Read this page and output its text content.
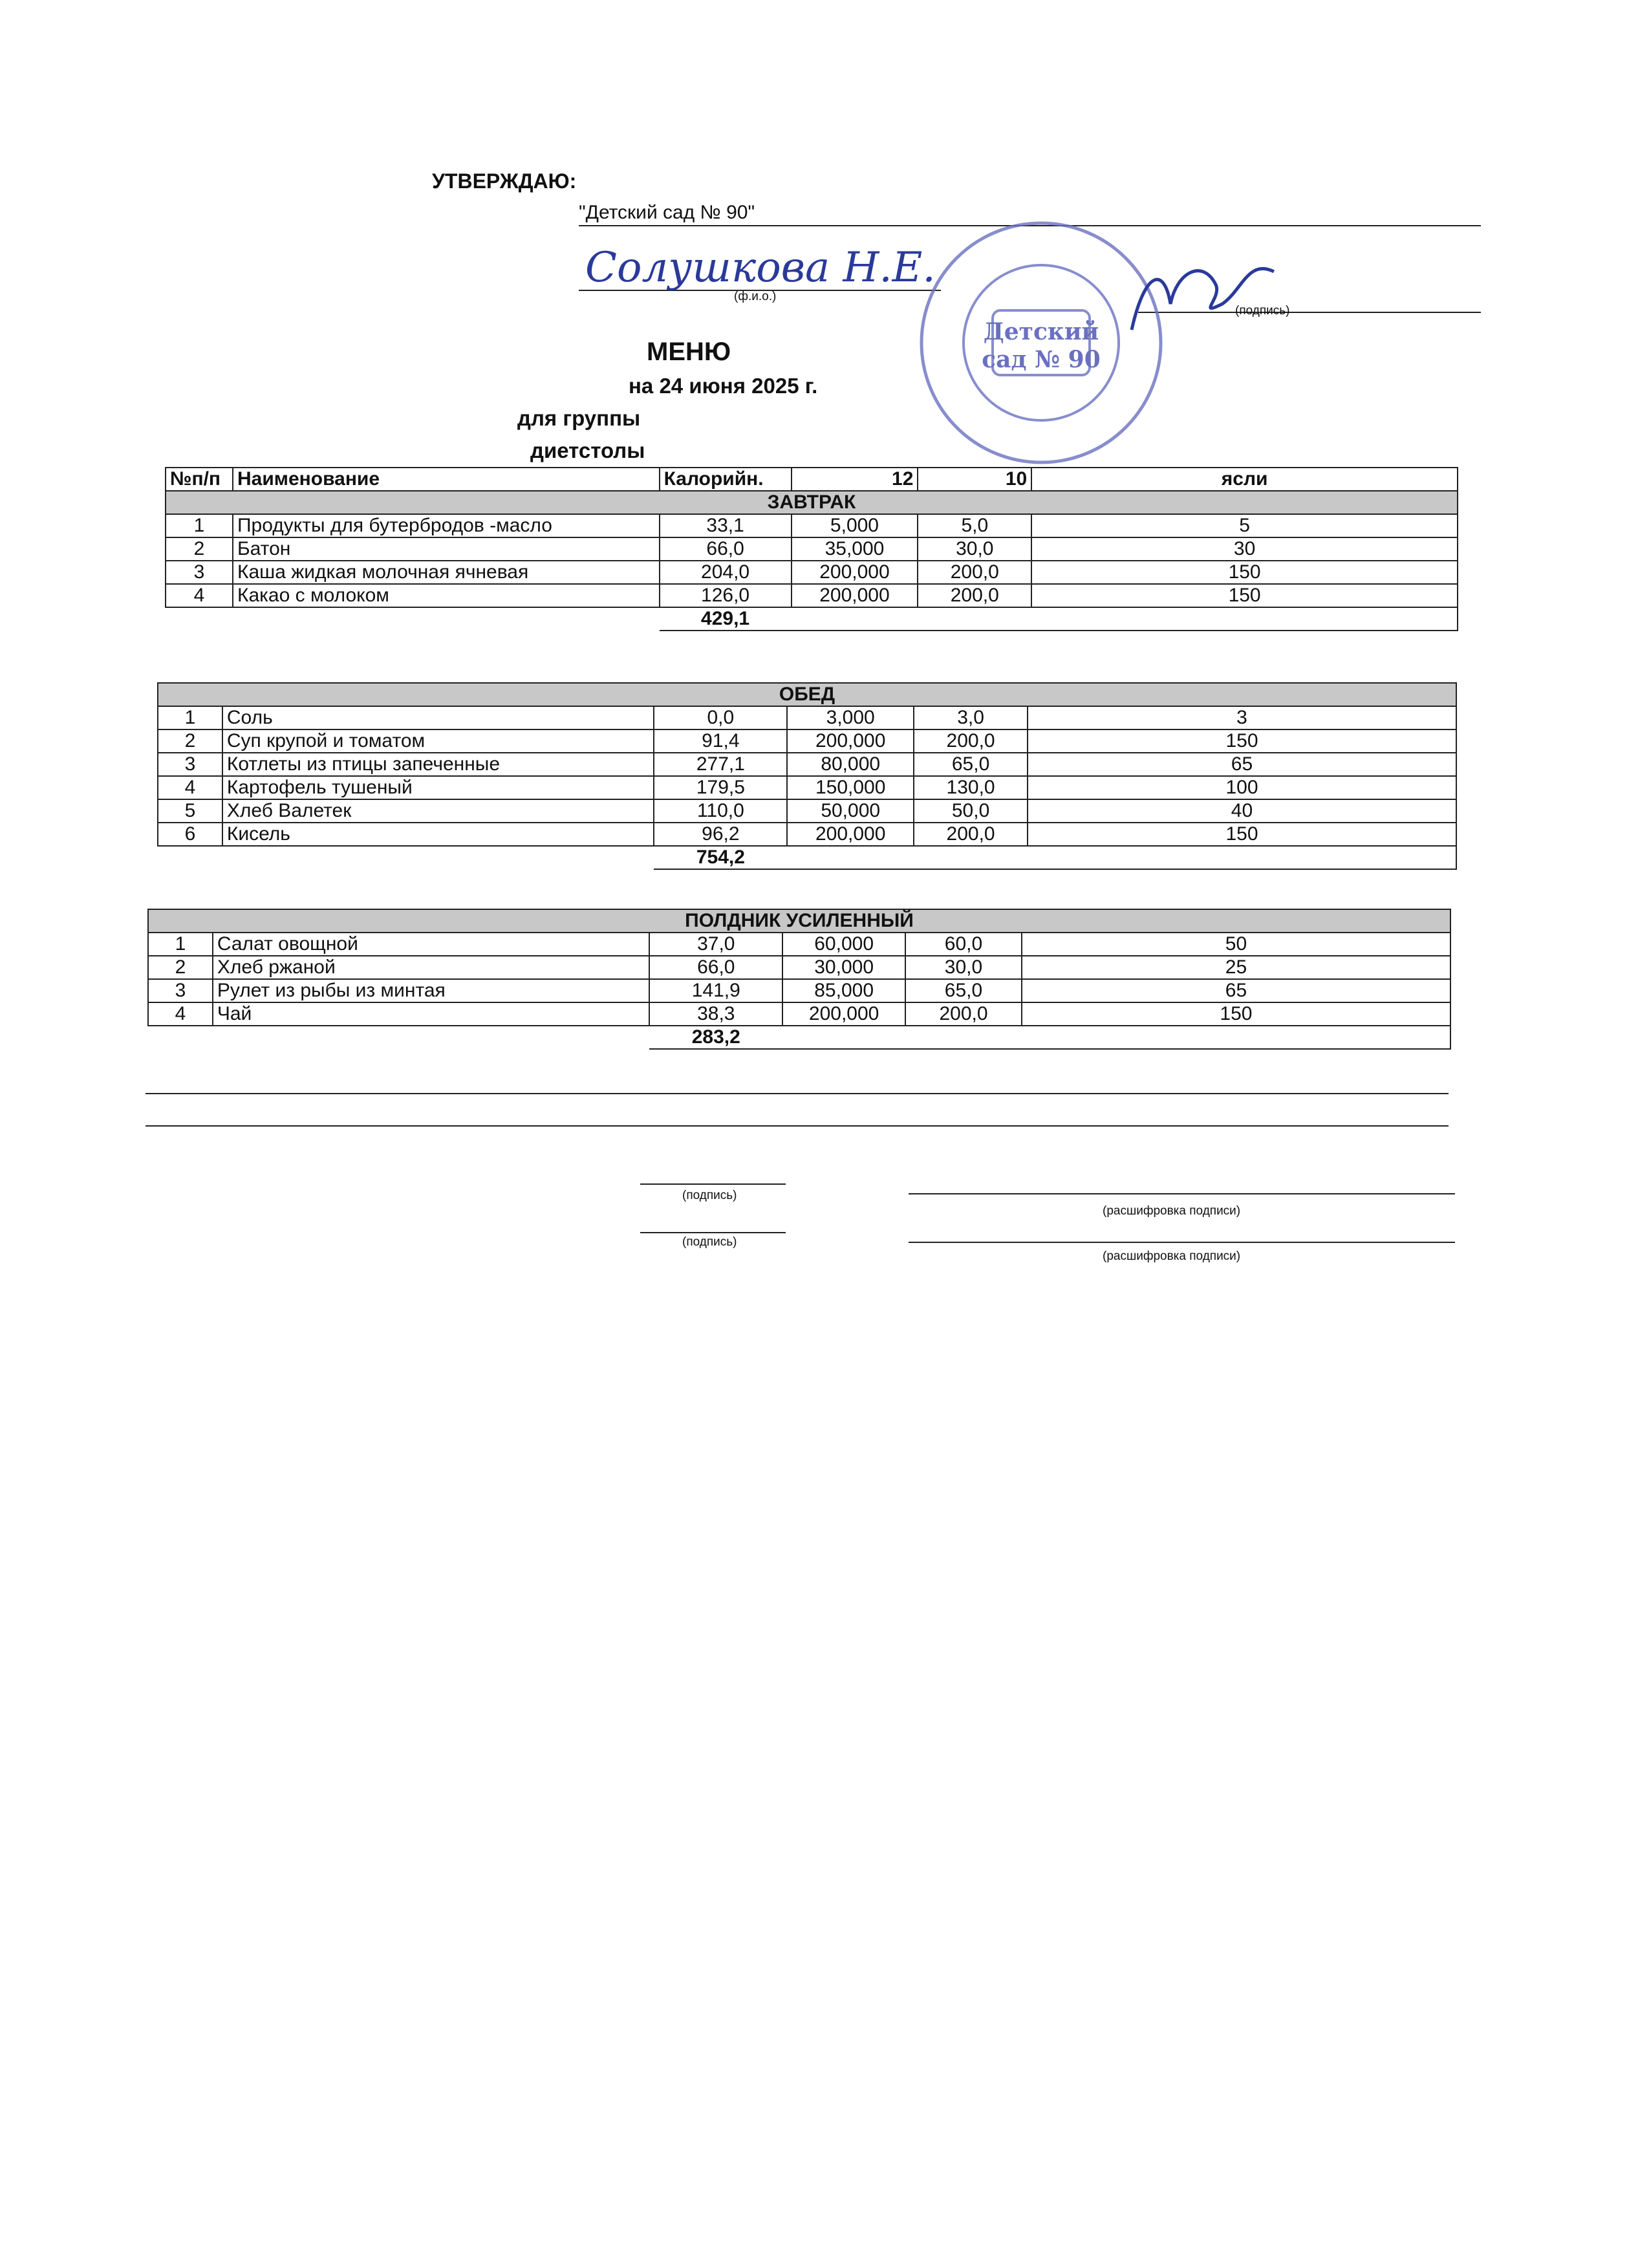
УТВЕРЖДАЮ:
"Детский сад № 90"
(ф.и.о.)
(подпись)
Солушкова Н.Е.
Детский
сад № 90
МЕНЮ
на 24 июня 2025 г.
для группы
диетстолы
№п/п	Наименование	Калорийн.	12	10	ясли
ЗАВТРАК					
1	Продукты для бутербродов -масло	33,1	5,000	5,0	5
2	Батон	66,0	35,000	30,0	30
3	Каша жидкая молочная ячневая	204,0	200,000	200,0	150
4	Какао с молоком	126,0	200,000	200,0	150
		429,1			
ОБЕД					
1	Соль	0,0	3,000	3,0	3
2	Суп крупой и томатом	91,4	200,000	200,0	150
3	Котлеты из птицы запеченные	277,1	80,000	65,0	65
4	Картофель тушеный	179,5	150,000	130,0	100
5	Хлеб Валетек	110,0	50,000	50,0	40
6	Кисель	96,2	200,000	200,0	150
		754,2			
ПОЛДНИК УСИЛЕННЫЙ					
1	Салат овощной	37,0	60,000	60,0	50
2	Хлеб ржаной	66,0	30,000	30,0	25
3	Рулет из рыбы из минтая	141,9	85,000	65,0	65
4	Чай	38,3	200,000	200,0	150
		283,2			
(подпись)
(расшифровка подписи)
(подпись)
(расшифровка подписи)
